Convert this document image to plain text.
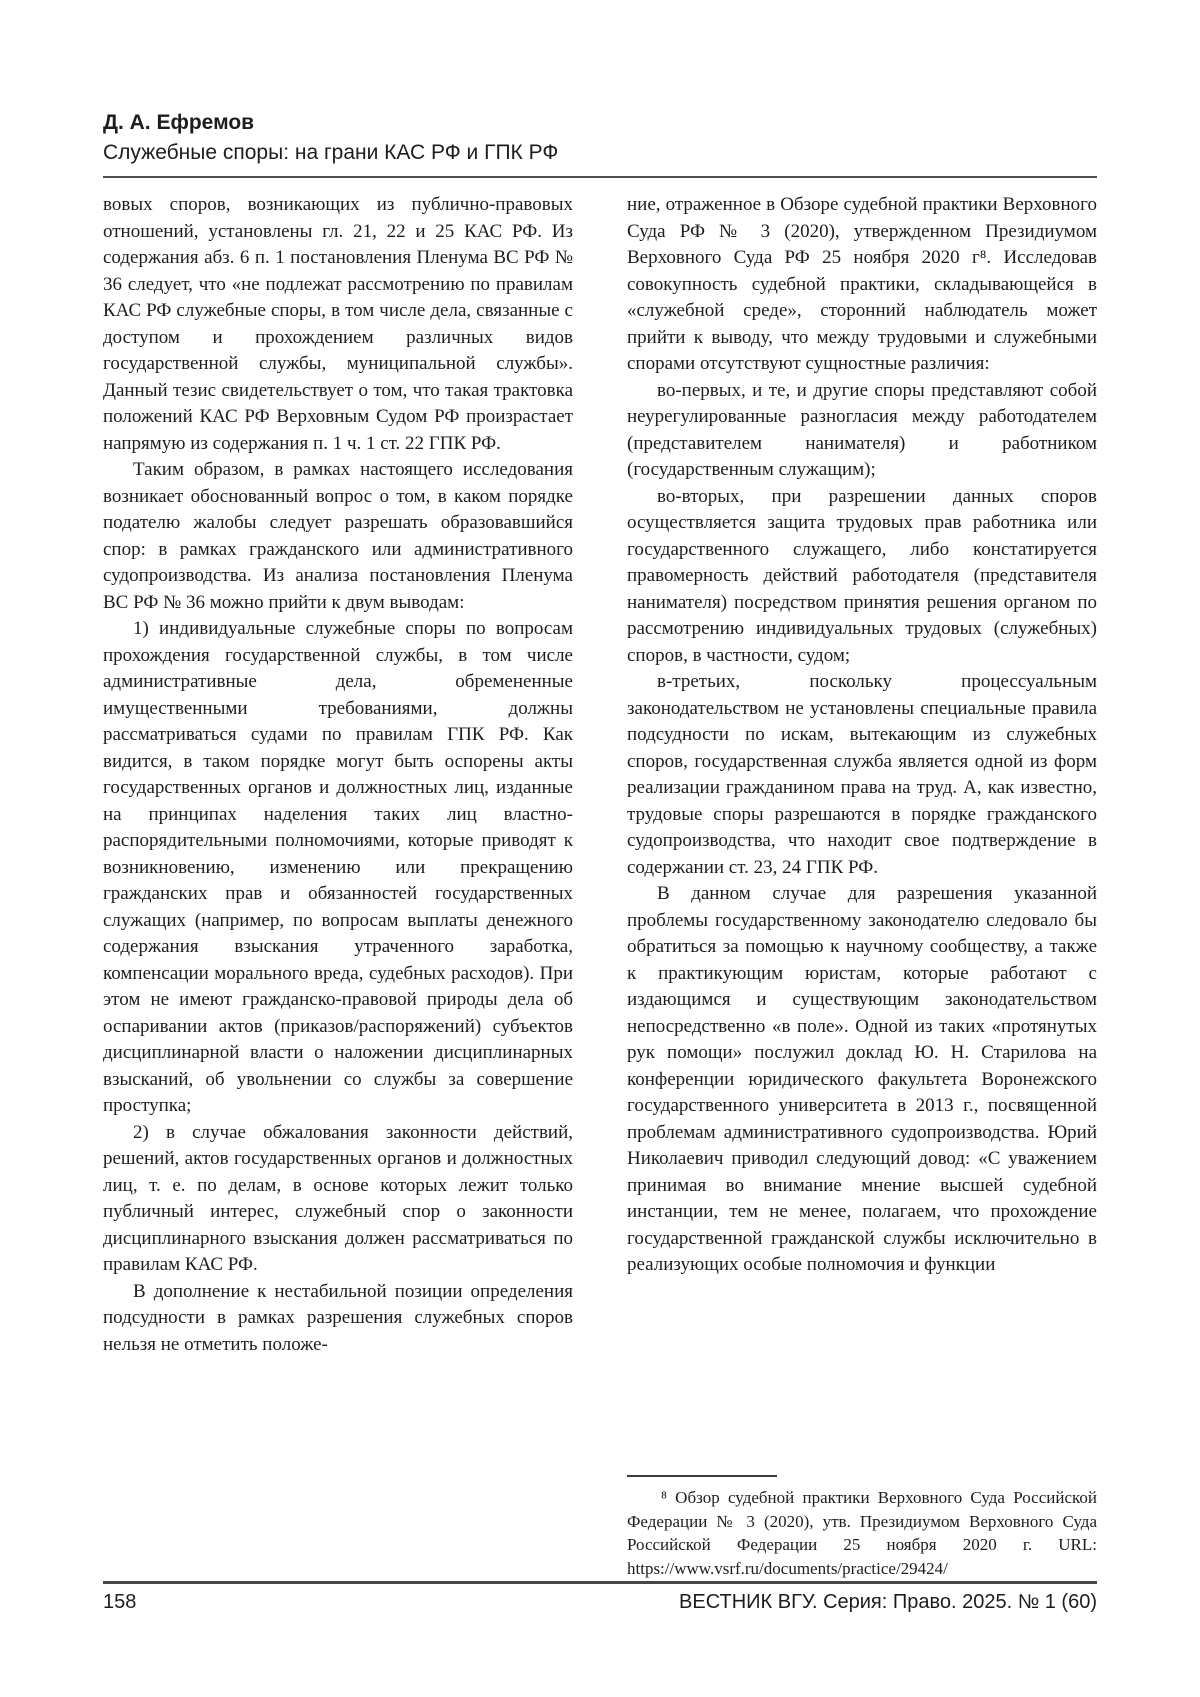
Д. А. Ефремов
Служебные споры: на грани КАС РФ и ГПК РФ

вовых споров, возникающих из публично-правовых отношений, установлены гл. 21, 22 и 25 КАС РФ. Из содержания абз. 6 п. 1 постановления Пленума ВС РФ № 36 следует, что «не подлежат рассмотрению по правилам КАС РФ служебные споры, в том числе дела, связанные с доступом и прохождением различных видов государственной службы, муниципальной службы». Данный тезис свидетельствует о том, что такая трактовка положений КАС РФ Верховным Судом РФ произрастает напрямую из содержания п. 1 ч. 1 ст. 22 ГПК РФ.

Таким образом, в рамках настоящего исследования возникает обоснованный вопрос о том, в каком порядке подателю жалобы следует разрешать образовавшийся спор: в рамках гражданского или административного судопроизводства. Из анализа постановления Пленума ВС РФ № 36 можно прийти к двум выводам:

1) индивидуальные служебные споры по вопросам прохождения государственной службы, в том числе административные дела, обремененные имущественными требованиями, должны рассматриваться судами по правилам ГПК РФ. Как видится, в таком порядке могут быть оспорены акты государственных органов и должностных лиц, изданные на принципах наделения таких лиц властно-распорядительными полномочиями, которые приводят к возникновению, изменению или прекращению гражданских прав и обязанностей государственных служащих (например, по вопросам выплаты денежного содержания взыскания утраченного заработка, компенсации морального вреда, судебных расходов). При этом не имеют гражданско-правовой природы дела об оспаривании актов (приказов/распоряжений) субъектов дисциплинарной власти о наложении дисциплинарных взысканий, об увольнении со службы за совершение проступка;

2) в случае обжалования законности действий, решений, актов государственных органов и должностных лиц, т. е. по делам, в основе которых лежит только публичный интерес, служебный спор о законности дисциплинарного взыскания должен рассматриваться по правилам КАС РФ.

В дополнение к нестабильной позиции определения подсудности в рамках разрешения служебных споров нельзя не отметить положе-

ние, отраженное в Обзоре судебной практики Верховного Суда РФ № 3 (2020), утвержденном Президиумом Верховного Суда РФ 25 ноября 2020 г⁸. Исследовав совокупность судебной практики, складывающейся в «служебной среде», сторонний наблюдатель может прийти к выводу, что между трудовыми и служебными спорами отсутствуют сущностные различия:

во-первых, и те, и другие споры представляют собой неурегулированные разногласия между работодателем (представителем нанимателя) и работником (государственным служащим);

во-вторых, при разрешении данных споров осуществляется защита трудовых прав работника или государственного служащего, либо констатируется правомерность действий работодателя (представителя нанимателя) посредством принятия решения органом по рассмотрению индивидуальных трудовых (служебных) споров, в частности, судом;

в-третьих, поскольку процессуальным законодательством не установлены специальные правила подсудности по искам, вытекающим из служебных споров, государственная служба является одной из форм реализации гражданином права на труд. А, как известно, трудовые споры разрешаются в порядке гражданского судопроизводства, что находит свое подтверждение в содержании ст. 23, 24 ГПК РФ.

В данном случае для разрешения указанной проблемы государственному законодателю следовало бы обратиться за помощью к научному сообществу, а также к практикующим юристам, которые работают с издающимся и существующим законодательством непосредственно «в поле». Одной из таких «протянутых рук помощи» послужил доклад Ю. Н. Старилова на конференции юридического факультета Воронежского государственного университета в 2013 г., посвященной проблемам административного судопроизводства. Юрий Николаевич приводил следующий довод: «С уважением принимая во внимание мнение высшей судебной инстанции, тем не менее, полагаем, что прохождение государственной гражданской службы исключительно в реализующих особые полномочия и функции

⁸ Обзор судебной практики Верховного Суда Российской Федерации № 3 (2020), утв. Президиумом Верховного Суда Российской Федерации 25 ноября 2020 г. URL: https://www.vsrf.ru/documents/practice/29424/

158	ВЕСТНИК ВГУ. Серия: Право. 2025. № 1 (60)
